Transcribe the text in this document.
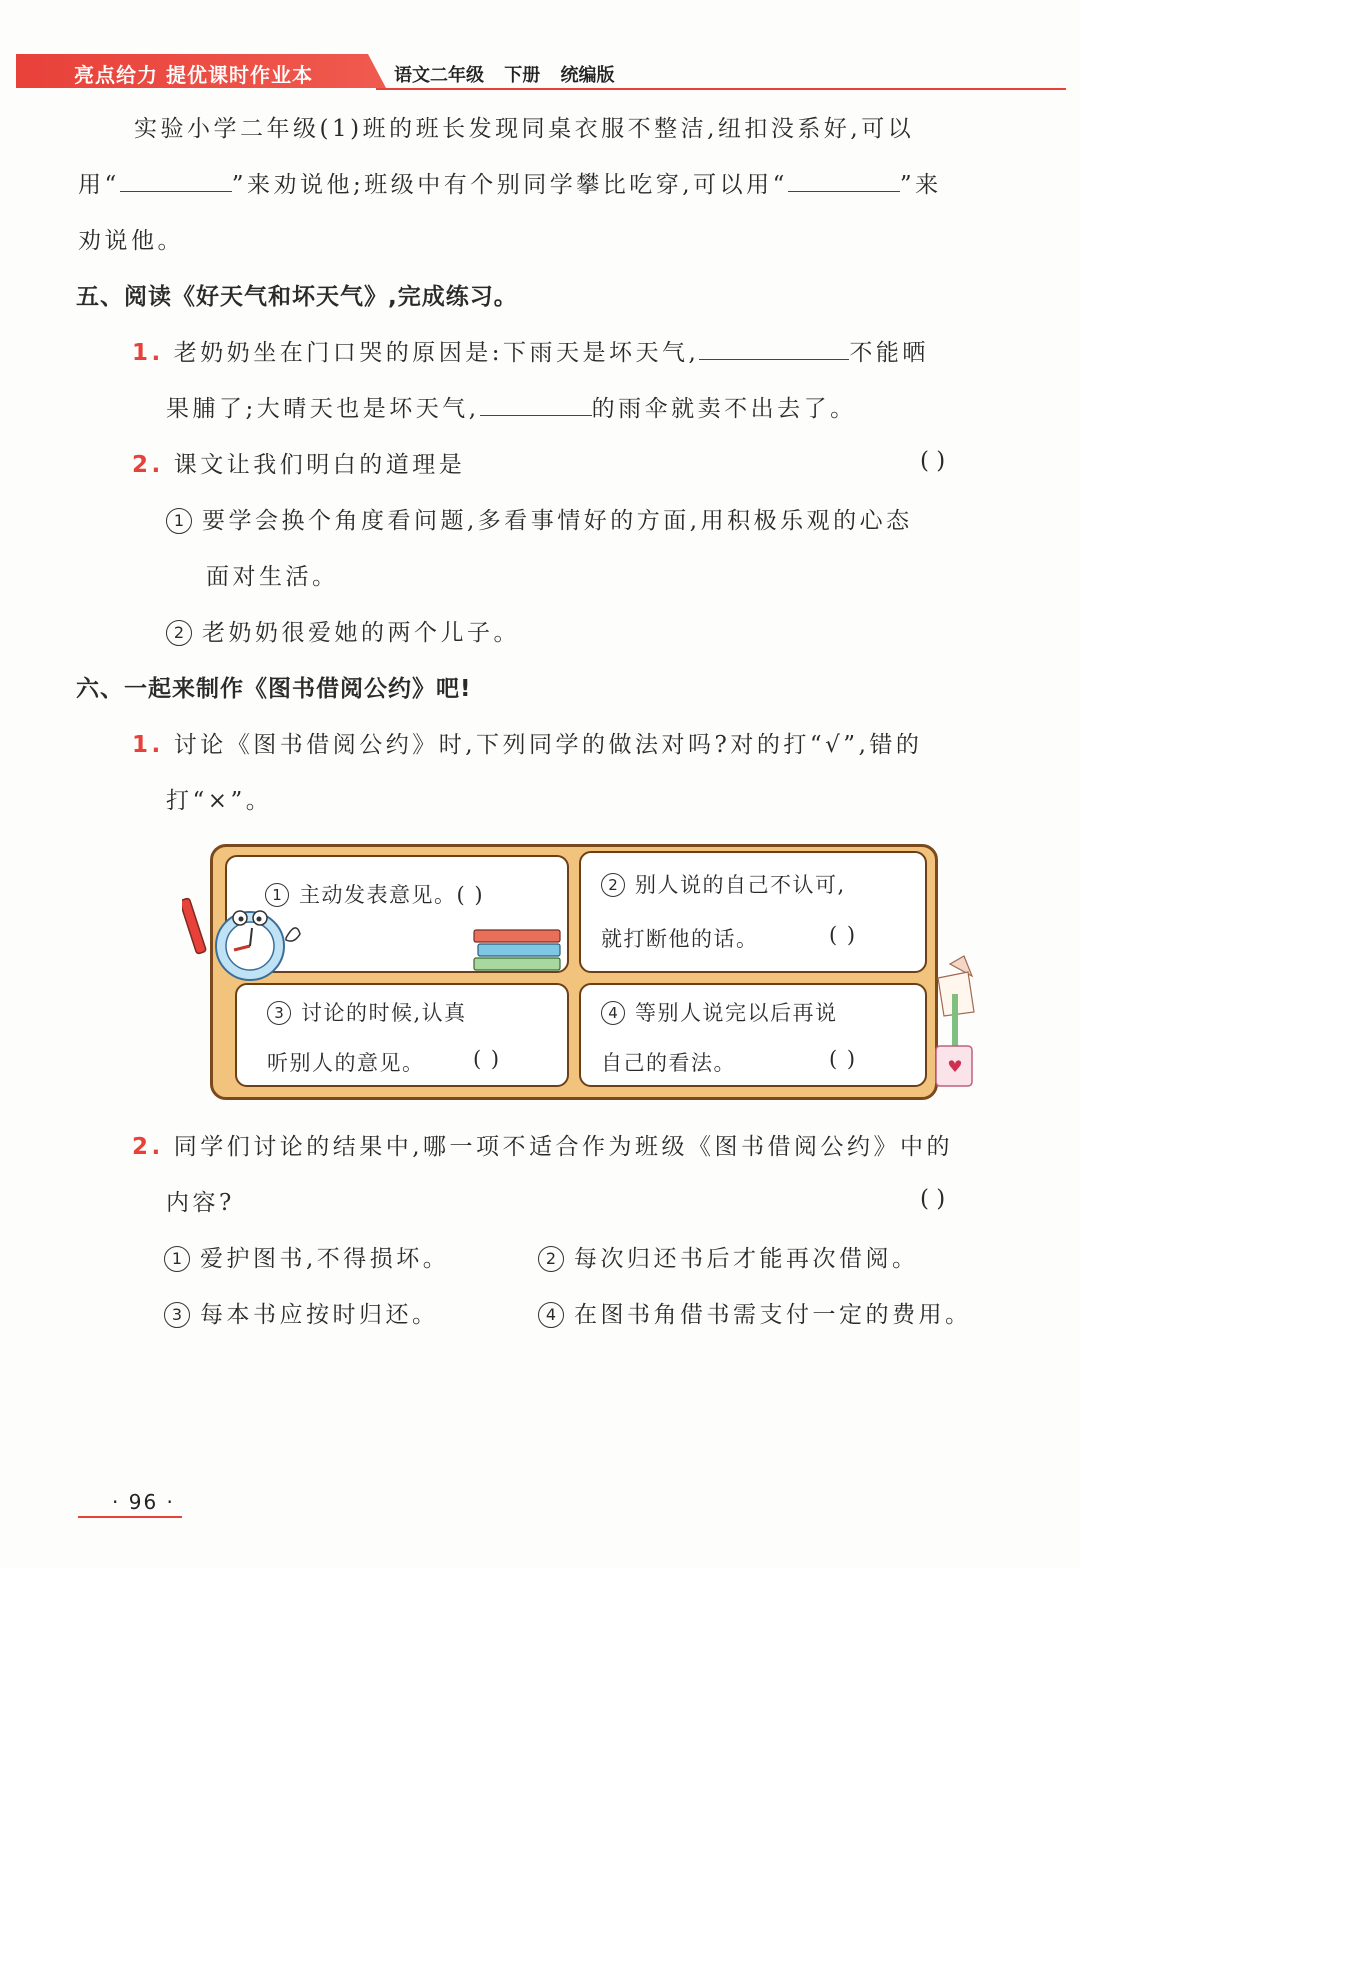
亮点给力 提优课时作业本	语文二年级 下册 统编版
实验小学二年级(1)班的班长发现同桌衣服不整洁,纽扣没系好,可以
用“	”来劝说他;班级中有个别同学攀比吃穿,可以用“	”来
劝说他。
五、阅读《好天气和坏天气》,完成练习。
1. 老奶奶坐在门口哭的原因是:下雨天是坏天气,	不能晒
果脯了;大晴天也是坏天气,	的雨伞就卖不出去了。
2. 课文让我们明白的道理是	( )
1 要学会换个角度看问题,多看事情好的方面,用积极乐观的心态
面对生活。
2 老奶奶很爱她的两个儿子。
六、一起来制作《图书借阅公约》吧!
1. 讨论《图书借阅公约》时,下列同学的做法对吗?对的打“√”,错的
打“×”。
1 主动发表意见。( )	2 别人说的自己不认可,
就打断他的话。	( )
3 讨论的时候,认真
听别人的意见。 ( )
4 等别人说完以后再说
自己的看法。	( )
2. 同学们讨论的结果中,哪一项不适合作为班级《图书借阅公约》中的
内容?	( )
1 爱护图书,不得损坏。	2 每次归还书后才能再次借阅。
3 每本书应按时归还。	4 在图书角借书需支付一定的费用。
· 96 ·
